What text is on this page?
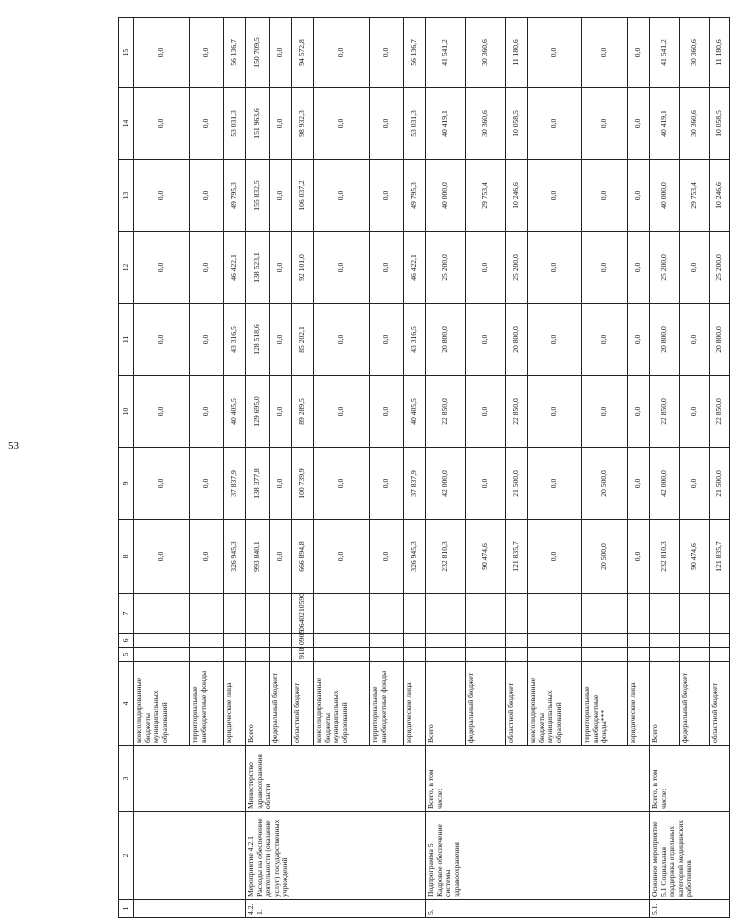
53
1	2	3	4	5	6	7	8	9	10	11	12	13	14	15
			консолидированные бюджеты муниципальных образований				0,0	0,0	0,0	0,0	0,0	0,0	0,0	0,0
			территориальные внебюджетные фонды				0,0	0,0	0,0	0,0	0,0	0,0	0,0	0,0
			юридические лица				326 945,3	37 837,9	40 405,5	43 316,5	46 422,1	49 795,3	53 031,3	56 136,7
4.2.1.	Мероприятие 4.2.1 Расходы на обеспечение деятельности (оказание услуг) государственных учреждений	Министерство здравоохранения области	Всего				993 840,1	138 377,8	129 695,0	128 518,6	138 523,1	155 832,5	151 963,6	150 709,5
			федеральный бюджет				0,0	0,0	0,0	0,0	0,0	0,0	0,0	0,0
			областной бюджет	918	0905	0640210590	666 894,8	100 739,9	89 289,5	85 202,1	92 101,0	106 037,2	98 932,3	94 572,8
			консолидированные бюджеты муниципальных образований				0,0	0,0	0,0	0,0	0,0	0,0	0,0	0,0
			территориальные внебюджетные фонды				0,0	0,0	0,0	0,0	0,0	0,0	0,0	0,0
			юридические лица				326 945,3	37 837,9	40 405,5	43 316,5	46 422,1	49 795,3	53 031,3	56 136,7
5.	Подпрограмма 5 Кадровое обеспечение системы здравоохранения	Всего, в том числе:	Всего				232 810,3	42 000,0	22 850,0	20 800,0	25 200,0	40 000,0	40 419,1	41 541,2
			федеральный бюджет				90 474,6	0,0	0,0	0,0	0,0	29 753,4	30 360,6	30 360,6
			областной бюджет				121 835,7	21 500,0	22 850,0	20 800,0	25 200,0	10 246,6	10 058,5	11 180,6
			консолидированные бюджеты муниципальных образований				0,0	0,0	0,0	0,0	0,0	0,0	0,0	0,0
			территориальные внебюджетные фонды***				20 500,0	20 500,0	0,0	0,0	0,0	0,0	0,0	0,0
			юридические лица				0,0	0,0	0,0	0,0	0,0	0,0	0,0	0,0
5.1.	Основное мероприятие 5.1 Социальная поддержка отдельных категорий медицинских работников	Всего, в том числе:	Всего				232 810,3	42 000,0	22 850,0	20 800,0	25 200,0	40 000,0	40 419,1	41 541,2
			федеральный бюджет				90 474,6	0,0	0,0	0,0	0,0	29 753,4	30 360,6	30 360,6
			областной бюджет				121 835,7	21 500,0	22 850,0	20 800,0	25 200,0	10 246,6	10 058,5	11 180,6
